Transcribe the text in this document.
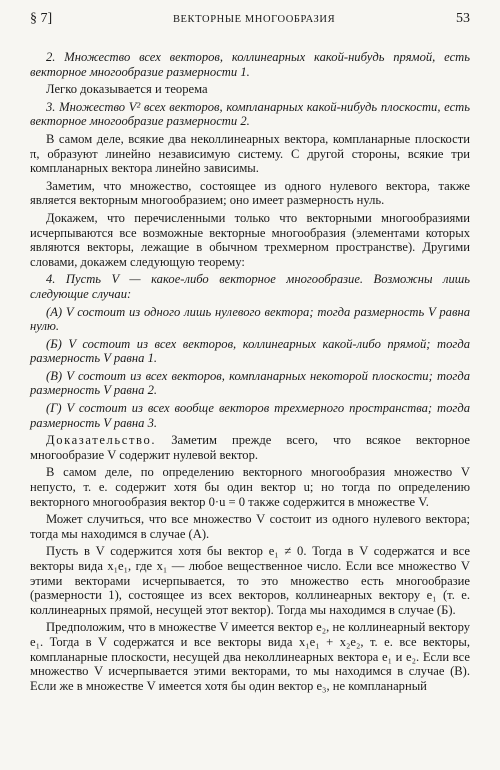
§ 7]	ВЕКТОРНЫЕ МНОГООБРАЗИЯ	53

2. Множество всех векторов, коллинеарных какой-нибудь прямой, есть векторное многообразие размерности 1.

Легко доказывается и теорема

3. Множество V² всех векторов, компланарных какой-нибудь плоскости, есть векторное многообразие размерности 2.

В самом деле, всякие два неколлинеарных вектора, компланарные плоскости π, образуют линейно независимую систему. С другой стороны, всякие три компланарных вектора линейно зависимы.

Заметим, что множество, состоящее из одного нулевого вектора, также является векторным многообразием; оно имеет размерность нуль.

Докажем, что перечисленными только что векторными многообразиями исчерпываются все возможные векторные многообразия (элементами которых являются векторы, лежащие в обычном трехмерном пространстве). Другими словами, докажем следующую теорему:

4. Пусть V — какое-либо векторное многообразие. Возможны лишь следующие случаи:

(А) V состоит из одного лишь нулевого вектора; тогда размерность V равна нулю.

(Б) V состоит из всех векторов, коллинеарных какой-либо прямой; тогда размерность V равна 1.

(В) V состоит из всех векторов, компланарных некоторой плоскости; тогда размерность V равна 2.

(Г) V состоит из всех вообще векторов трехмерного пространства; тогда размерность V равна 3.

Доказательство. Заметим прежде всего, что всякое векторное многообразие V содержит нулевой вектор.

В самом деле, по определению векторного многообразия множество V непусто, т. е. содержит хотя бы один вектор u; но тогда по определению векторного многообразия вектор 0·u = 0 также содержится в множестве V.

Может случиться, что все множество V состоит из одного нулевого вектора; тогда мы находимся в случае (А).

Пусть в V содержится хотя бы вектор e₁ ≠ 0. Тогда в V содержатся и все векторы вида x₁e₁, где x₁ — любое вещественное число. Если все множество V этими векторами исчерпывается, то это множество есть многообразие (размерности 1), состоящее из всех векторов, коллинеарных вектору e₁ (т. е. коллинеарных прямой, несущей этот вектор). Тогда мы находимся в случае (Б).

Предположим, что в множестве V имеется вектор e₂, не коллинеарный вектору e₁. Тогда в V содержатся и все векторы вида x₁e₁ + x₂e₂, т. е. все векторы, компланарные плоскости, несущей два неколлинеарных вектора e₁ и e₂. Если все множество V исчерпывается этими векторами, то мы находимся в случае (В). Если же в множестве V имеется хотя бы один вектор e₃, не компланарный
